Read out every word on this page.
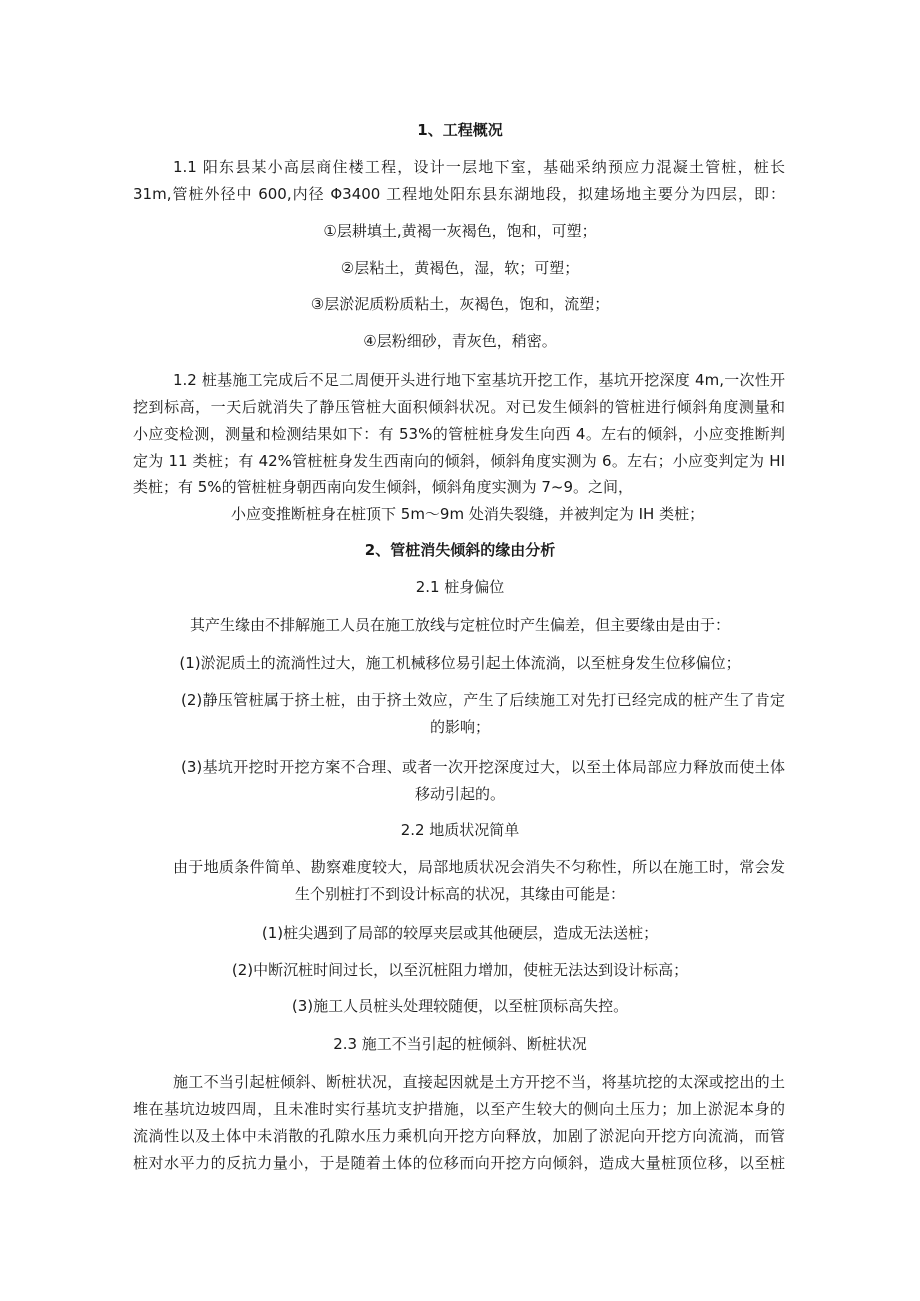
1、工程概况
1.1 阳东县某小高层商住楼工程，设计一层地下室，基础采纳预应力混凝土管桩，桩长
31m,管桩外径中 600,内径 Φ3400 工程地处阳东县东湖地段，拟建场地主要分为四层，即：
①层耕填土,黄褐一灰褐色，饱和，可塑；
②层粘土，黄褐色，湿，软；可塑；
③层淤泥质粉质粘土，灰褐色，饱和，流塑；
④层粉细砂，青灰色，稍密。
1.2 桩基施工完成后不足二周便开头进行地下室基坑开挖工作，基坑开挖深度 4m,一次性开
挖到标高，一天后就消失了静压管桩大面积倾斜状况。对已发生倾斜的管桩进行倾斜角度测量和
小应变检测，测量和检测结果如下：有 53%的管桩桩身发生向西 4。左右的倾斜，小应变推断判
定为 11 类桩；有 42%管桩桩身发生西南向的倾斜，倾斜角度实测为 6。左右；小应变判定为 HI
类桩；有 5%的管桩桩身朝西南向发生倾斜，倾斜角度实测为 7~9。之间，
小应变推断桩身在桩顶下 5m〜9m 处消失裂缝，并被判定为 IH 类桩；
2、管桩消失倾斜的缘由分析
2.1 桩身偏位
其产生缘由不排解施工人员在施工放线与定桩位时产生偏差，但主要缘由是由于：
(1)淤泥质土的流淌性过大，施工机械移位易引起土体流淌，以至桩身发生位移偏位；
(2)静压管桩属于挤土桩，由于挤土效应，产生了后续施工对先打已经完成的桩产生了肯定
的影响；
(3)基坑开挖时开挖方案不合理、或者一次开挖深度过大，以至土体局部应力释放而使土体
移动引起的。
2.2 地质状况简单
由于地质条件简单、勘察难度较大，局部地质状况会消失不匀称性，所以在施工时，常会发
生个别桩打不到设计标高的状况，其缘由可能是：
(1)桩尖遇到了局部的较厚夹层或其他硬层，造成无法送桩；
(2)中断沉桩时间过长，以至沉桩阻力增加，使桩无法达到设计标高；
(3)施工人员桩头处理较随便，以至桩顶标高失控。
2.3 施工不当引起的桩倾斜、断桩状况
施工不当引起桩倾斜、断桩状况，直接起因就是土方开挖不当，将基坑挖的太深或挖出的土
堆在基坑边坡四周，且未准时实行基坑支护措施，以至产生较大的侧向土压力；加上淤泥本身的
流淌性以及土体中未消散的孔隙水压力乘机向开挖方向释放，加剧了淤泥向开挖方向流淌，而管
桩对水平力的反抗力量小，于是随着土体的位移而向开挖方向倾斜，造成大量桩顶位移，以至桩
